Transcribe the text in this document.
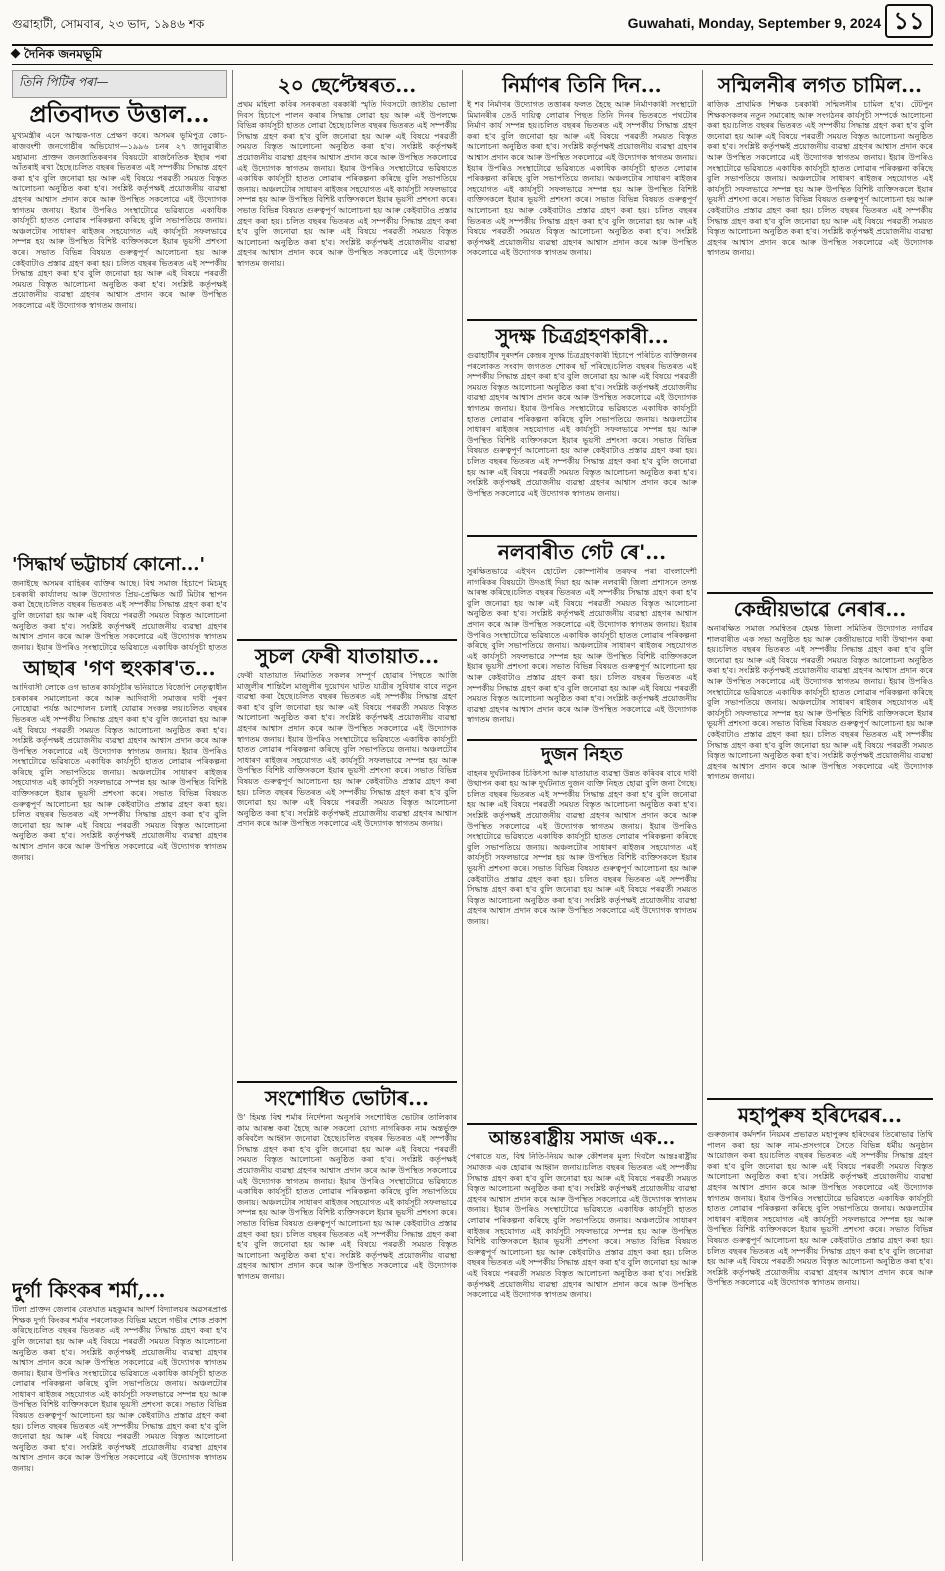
গুৱাহাটী, সোমবাৰ, ২৩ ভাদ, ১৯৪৬ শক	Guwahati, Monday, September 9, 2024 ১১
দৈনিক জনমভূমি
তিনি পিটিৰ পৰা—
প্ৰতিবাদত উত্তাল...
মুখ্যমন্ত্ৰীৰ এনে আত্মক-গত প্ৰেক্ষণ কৰে। অসমৰ ভূমিপুত্ৰ কোচ-ৰাজবংশী জনগোষ্ঠীৰ অভিযোগ—১৯৯৬ চনৰ ২৭ জানুৱাৰীত মহামান্য প্ৰাক্তন জনজাতিকৰণৰ বিষয়টো ৰাজনৈতিক ইছাৰ পৰা আঁতৰাই ৰখা হৈছে। চলিত বছৰৰ ভিতৰত এই সম্পৰ্কীয় সিদ্ধান্ত গ্ৰহণ কৰা হ'ব বুলি জনোৱা হয় আৰু এই বিষয়ে পৰৱৰ্তী সময়ত বিস্তৃত আলোচনা অনুষ্ঠিত কৰা হ'ব। সংশ্লিষ্ট কৰ্তৃপক্ষই প্ৰয়োজনীয় ব্যৱস্থা গ্ৰহণৰ আশ্বাস প্ৰদান কৰে আৰু উপস্থিত সকলোৱে এই উদ্যোগক স্বাগতম জনায়। ইয়াৰ উপৰিও সংস্থাটোৱে ভৱিষ্যতে একাধিক কাৰ্যসূচী হাতত লোৱাৰ পৰিকল্পনা কৰিছে বুলি সভাপতিয়ে জনায়। অঞ্চলটোৰ সাধাৰণ ৰাইজৰ সহযোগত এই কাৰ্যসূচী সফলভাৱে সম্পন্ন হয় আৰু উপস্থিত বিশিষ্ট ব্যক্তিসকলে ইয়াৰ ভূয়সী প্ৰশংসা কৰে। সভাত বিভিন্ন বিষয়ত গুৰুত্বপূৰ্ণ আলোচনা হয় আৰু কেইবাটাও প্ৰস্তাৱ গ্ৰহণ কৰা হয়। চলিত বছৰৰ ভিতৰত এই সম্পৰ্কীয় সিদ্ধান্ত গ্ৰহণ কৰা হ'ব বুলি জনোৱা হয় আৰু এই বিষয়ে পৰৱৰ্তী সময়ত বিস্তৃত আলোচনা অনুষ্ঠিত কৰা হ'ব। সংশ্লিষ্ট কৰ্তৃপক্ষই প্ৰয়োজনীয় ব্যৱস্থা গ্ৰহণৰ আশ্বাস প্ৰদান কৰে আৰু উপস্থিত সকলোৱে এই উদ্যোগক স্বাগতম জনায়।
'সিদ্ধাৰ্থ ভট্টাচাৰ্য কোনো...'
জনাইছে অসমৰ বাহিৰৰ ব্যক্তিৰ আছে। বিশ্ব সমাজ হিচাপে মিচমূহ চৰকাৰী কাৰ্য্যালয় আৰু উদ্যোগত প্ৰিয়-প্ৰেক্ষিত আৰ্ট মিটাৰ স্থাপন কৰা হৈছে। চলিত বছৰৰ ভিতৰত এই সম্পৰ্কীয় সিদ্ধান্ত গ্ৰহণ কৰা হ'ব বুলি জনোৱা হয় আৰু এই বিষয়ে পৰৱৰ্তী সময়ত বিস্তৃত আলোচনা অনুষ্ঠিত কৰা হ'ব। সংশ্লিষ্ট কৰ্তৃপক্ষই প্ৰয়োজনীয় ব্যৱস্থা গ্ৰহণৰ আশ্বাস প্ৰদান কৰে আৰু উপস্থিত সকলোৱে এই উদ্যোগক স্বাগতম জনায়। ইয়াৰ উপৰিও সংস্থাটোৱে ভৱিষ্যতে একাধিক কাৰ্যসূচী হাতত লোৱাৰ পৰিকল্পনা কৰিছে বুলি সভাপতিয়ে জনায়। অঞ্চলটোৰ সাধাৰণ ৰাইজৰ সহযোগত এই কাৰ্যসূচী সফলভাৱে সম্পন্ন হয় আৰু উপস্থিত বিশিষ্ট ব্যক্তিসকলে ইয়াৰ ভূয়সী প্ৰশংসা কৰে। সভাত বিভিন্ন বিষয়ত গুৰুত্বপূৰ্ণ আলোচনা হয় আৰু কেইবাটাও প্ৰস্তাৱ গ্ৰহণ কৰা হয়। চলিত বছৰৰ ভিতৰত এই সম্পৰ্কীয় সিদ্ধান্ত গ্ৰহণ কৰা হ'ব বুলি জনোৱা হয় আৰু এই বিষয়ে পৰৱৰ্তী সময়ত বিস্তৃত আলোচনা অনুষ্ঠিত কৰা হ'ব। সংশ্লিষ্ট কৰ্তৃপক্ষই প্ৰয়োজনীয় ব্যৱস্থা গ্ৰহণৰ আশ্বাস প্ৰদান কৰে আৰু উপস্থিত সকলোৱে এই উদ্যোগক স্বাগতম জনায়।
আছাৰ 'গণ হুংকাৰ'ত...
আদিবাসী লোকে ওগ ভাতৰ কাৰ্যসূচীৰ ভনিয়াতে বিজেপি নেতৃত্বাধীন চৰকাৰৰ সমালোচনা কৰে আৰু আদিবাসী সমাজৰ দাবী পূৰণ নোহোৱা পৰ্যন্ত আন্দোলন চলাই যোৱাৰ সংকল্প লয়। চলিত বছৰৰ ভিতৰত এই সম্পৰ্কীয় সিদ্ধান্ত গ্ৰহণ কৰা হ'ব বুলি জনোৱা হয় আৰু এই বিষয়ে পৰৱৰ্তী সময়ত বিস্তৃত আলোচনা অনুষ্ঠিত কৰা হ'ব। সংশ্লিষ্ট কৰ্তৃপক্ষই প্ৰয়োজনীয় ব্যৱস্থা গ্ৰহণৰ আশ্বাস প্ৰদান কৰে আৰু উপস্থিত সকলোৱে এই উদ্যোগক স্বাগতম জনায়। ইয়াৰ উপৰিও সংস্থাটোৱে ভৱিষ্যতে একাধিক কাৰ্যসূচী হাতত লোৱাৰ পৰিকল্পনা কৰিছে বুলি সভাপতিয়ে জনায়। অঞ্চলটোৰ সাধাৰণ ৰাইজৰ সহযোগত এই কাৰ্যসূচী সফলভাৱে সম্পন্ন হয় আৰু উপস্থিত বিশিষ্ট ব্যক্তিসকলে ইয়াৰ ভূয়সী প্ৰশংসা কৰে। সভাত বিভিন্ন বিষয়ত গুৰুত্বপূৰ্ণ আলোচনা হয় আৰু কেইবাটাও প্ৰস্তাৱ গ্ৰহণ কৰা হয়। চলিত বছৰৰ ভিতৰত এই সম্পৰ্কীয় সিদ্ধান্ত গ্ৰহণ কৰা হ'ব বুলি জনোৱা হয় আৰু এই বিষয়ে পৰৱৰ্তী সময়ত বিস্তৃত আলোচনা অনুষ্ঠিত কৰা হ'ব। সংশ্লিষ্ট কৰ্তৃপক্ষই প্ৰয়োজনীয় ব্যৱস্থা গ্ৰহণৰ আশ্বাস প্ৰদান কৰে আৰু উপস্থিত সকলোৱে এই উদ্যোগক স্বাগতম জনায়।
দুৰ্গা কিংকৰ শৰ্মা,...
টিলা প্ৰাক্তন জেলাৰ বেতঘাত মহকুমাৰ আদৰ্শ বিদ্যালয়ৰ অৱসৰপ্ৰাপ্ত শিক্ষক দুৰ্গা কিংকৰ শৰ্মাৰ পৰলোকত বিভিন্ন মহলে গভীৰ শোক প্ৰকাশ কৰিছে। চলিত বছৰৰ ভিতৰত এই সম্পৰ্কীয় সিদ্ধান্ত গ্ৰহণ কৰা হ'ব বুলি জনোৱা হয় আৰু এই বিষয়ে পৰৱৰ্তী সময়ত বিস্তৃত আলোচনা অনুষ্ঠিত কৰা হ'ব। সংশ্লিষ্ট কৰ্তৃপক্ষই প্ৰয়োজনীয় ব্যৱস্থা গ্ৰহণৰ আশ্বাস প্ৰদান কৰে আৰু উপস্থিত সকলোৱে এই উদ্যোগক স্বাগতম জনায়। ইয়াৰ উপৰিও সংস্থাটোৱে ভৱিষ্যতে একাধিক কাৰ্যসূচী হাতত লোৱাৰ পৰিকল্পনা কৰিছে বুলি সভাপতিয়ে জনায়। অঞ্চলটোৰ সাধাৰণ ৰাইজৰ সহযোগত এই কাৰ্যসূচী সফলভাৱে সম্পন্ন হয় আৰু উপস্থিত বিশিষ্ট ব্যক্তিসকলে ইয়াৰ ভূয়সী প্ৰশংসা কৰে। সভাত বিভিন্ন বিষয়ত গুৰুত্বপূৰ্ণ আলোচনা হয় আৰু কেইবাটাও প্ৰস্তাৱ গ্ৰহণ কৰা হয়। চলিত বছৰৰ ভিতৰত এই সম্পৰ্কীয় সিদ্ধান্ত গ্ৰহণ কৰা হ'ব বুলি জনোৱা হয় আৰু এই বিষয়ে পৰৱৰ্তী সময়ত বিস্তৃত আলোচনা অনুষ্ঠিত কৰা হ'ব। সংশ্লিষ্ট কৰ্তৃপক্ষই প্ৰয়োজনীয় ব্যৱস্থা গ্ৰহণৰ আশ্বাস প্ৰদান কৰে আৰু উপস্থিত সকলোৱে এই উদ্যোগক স্বাগতম জনায়।
২০ ছেপ্টেম্বৰত...
প্ৰথম মহিলা কবিৰ সনকৰতা বৰকাৰী স্মৃতি দিবসটো জাতীয় ভোলা দিবস হিচাপে পালন কৰাৰ সিদ্ধান্ত লোৱা হয় আৰু এই উপলক্ষে বিভিন্ন কাৰ্যসূচী হাতত লোৱা হৈছে। চলিত বছৰৰ ভিতৰত এই সম্পৰ্কীয় সিদ্ধান্ত গ্ৰহণ কৰা হ'ব বুলি জনোৱা হয় আৰু এই বিষয়ে পৰৱৰ্তী সময়ত বিস্তৃত আলোচনা অনুষ্ঠিত কৰা হ'ব। সংশ্লিষ্ট কৰ্তৃপক্ষই প্ৰয়োজনীয় ব্যৱস্থা গ্ৰহণৰ আশ্বাস প্ৰদান কৰে আৰু উপস্থিত সকলোৱে এই উদ্যোগক স্বাগতম জনায়। ইয়াৰ উপৰিও সংস্থাটোৱে ভৱিষ্যতে একাধিক কাৰ্যসূচী হাতত লোৱাৰ পৰিকল্পনা কৰিছে বুলি সভাপতিয়ে জনায়। অঞ্চলটোৰ সাধাৰণ ৰাইজৰ সহযোগত এই কাৰ্যসূচী সফলভাৱে সম্পন্ন হয় আৰু উপস্থিত বিশিষ্ট ব্যক্তিসকলে ইয়াৰ ভূয়সী প্ৰশংসা কৰে। সভাত বিভিন্ন বিষয়ত গুৰুত্বপূৰ্ণ আলোচনা হয় আৰু কেইবাটাও প্ৰস্তাৱ গ্ৰহণ কৰা হয়। চলিত বছৰৰ ভিতৰত এই সম্পৰ্কীয় সিদ্ধান্ত গ্ৰহণ কৰা হ'ব বুলি জনোৱা হয় আৰু এই বিষয়ে পৰৱৰ্তী সময়ত বিস্তৃত আলোচনা অনুষ্ঠিত কৰা হ'ব। সংশ্লিষ্ট কৰ্তৃপক্ষই প্ৰয়োজনীয় ব্যৱস্থা গ্ৰহণৰ আশ্বাস প্ৰদান কৰে আৰু উপস্থিত সকলোৱে এই উদ্যোগক স্বাগতম জনায়।
সুচল ফেৰী যাতায়াত...
ফেৰী যাতায়াত নিমাতিত সকলৰ সম্পূৰ্ণ হোৱাৰ পিছতে আজি মাজুলীৰ শান্তিলৈ মাজুলীৰ দুয়োখন ঘাটত যাত্ৰীৰ সুবিধাৰ বাবে নতুন ব্যৱস্থা কৰা হৈছে। চলিত বছৰৰ ভিতৰত এই সম্পৰ্কীয় সিদ্ধান্ত গ্ৰহণ কৰা হ'ব বুলি জনোৱা হয় আৰু এই বিষয়ে পৰৱৰ্তী সময়ত বিস্তৃত আলোচনা অনুষ্ঠিত কৰা হ'ব। সংশ্লিষ্ট কৰ্তৃপক্ষই প্ৰয়োজনীয় ব্যৱস্থা গ্ৰহণৰ আশ্বাস প্ৰদান কৰে আৰু উপস্থিত সকলোৱে এই উদ্যোগক স্বাগতম জনায়। ইয়াৰ উপৰিও সংস্থাটোৱে ভৱিষ্যতে একাধিক কাৰ্যসূচী হাতত লোৱাৰ পৰিকল্পনা কৰিছে বুলি সভাপতিয়ে জনায়। অঞ্চলটোৰ সাধাৰণ ৰাইজৰ সহযোগত এই কাৰ্যসূচী সফলভাৱে সম্পন্ন হয় আৰু উপস্থিত বিশিষ্ট ব্যক্তিসকলে ইয়াৰ ভূয়সী প্ৰশংসা কৰে। সভাত বিভিন্ন বিষয়ত গুৰুত্বপূৰ্ণ আলোচনা হয় আৰু কেইবাটাও প্ৰস্তাৱ গ্ৰহণ কৰা হয়। চলিত বছৰৰ ভিতৰত এই সম্পৰ্কীয় সিদ্ধান্ত গ্ৰহণ কৰা হ'ব বুলি জনোৱা হয় আৰু এই বিষয়ে পৰৱৰ্তী সময়ত বিস্তৃত আলোচনা অনুষ্ঠিত কৰা হ'ব। সংশ্লিষ্ট কৰ্তৃপক্ষই প্ৰয়োজনীয় ব্যৱস্থা গ্ৰহণৰ আশ্বাস প্ৰদান কৰে আৰু উপস্থিত সকলোৱে এই উদ্যোগক স্বাগতম জনায়।
সংশোধিত ভোটাৰ...
উ' হিমন্ত বিশ্ব শৰ্মাৰ নিৰ্দেশনা অনুসৰি সংশোধিত ভোটাৰ তালিকাৰ কাম আৰম্ভ কৰা হৈছে আৰু সকলো যোগ্য নাগৰিকক নাম অন্তৰ্ভুক্ত কৰিবলৈ আহ্বান জনোৱা হৈছে। চলিত বছৰৰ ভিতৰত এই সম্পৰ্কীয় সিদ্ধান্ত গ্ৰহণ কৰা হ'ব বুলি জনোৱা হয় আৰু এই বিষয়ে পৰৱৰ্তী সময়ত বিস্তৃত আলোচনা অনুষ্ঠিত কৰা হ'ব। সংশ্লিষ্ট কৰ্তৃপক্ষই প্ৰয়োজনীয় ব্যৱস্থা গ্ৰহণৰ আশ্বাস প্ৰদান কৰে আৰু উপস্থিত সকলোৱে এই উদ্যোগক স্বাগতম জনায়। ইয়াৰ উপৰিও সংস্থাটোৱে ভৱিষ্যতে একাধিক কাৰ্যসূচী হাতত লোৱাৰ পৰিকল্পনা কৰিছে বুলি সভাপতিয়ে জনায়। অঞ্চলটোৰ সাধাৰণ ৰাইজৰ সহযোগত এই কাৰ্যসূচী সফলভাৱে সম্পন্ন হয় আৰু উপস্থিত বিশিষ্ট ব্যক্তিসকলে ইয়াৰ ভূয়সী প্ৰশংসা কৰে। সভাত বিভিন্ন বিষয়ত গুৰুত্বপূৰ্ণ আলোচনা হয় আৰু কেইবাটাও প্ৰস্তাৱ গ্ৰহণ কৰা হয়। চলিত বছৰৰ ভিতৰত এই সম্পৰ্কীয় সিদ্ধান্ত গ্ৰহণ কৰা হ'ব বুলি জনোৱা হয় আৰু এই বিষয়ে পৰৱৰ্তী সময়ত বিস্তৃত আলোচনা অনুষ্ঠিত কৰা হ'ব। সংশ্লিষ্ট কৰ্তৃপক্ষই প্ৰয়োজনীয় ব্যৱস্থা গ্ৰহণৰ আশ্বাস প্ৰদান কৰে আৰু উপস্থিত সকলোৱে এই উদ্যোগক স্বাগতম জনায়।
নিৰ্মাণৰ তিনি দিন...
ই শব নিৰ্মাণৰ উদ্যোগত তত্তাৰৰ ফলত হৈছে আৰু নিৰ্মাণকাৰী সংস্থাটো মিমানৰীৰ তেওঁ দায়িত্ব লোৱাৰ পিছত তিনি দিনৰ ভিতৰতে পথটোৰ নিৰ্মাণ কাৰ্য সম্পন্ন হয়। চলিত বছৰৰ ভিতৰত এই সম্পৰ্কীয় সিদ্ধান্ত গ্ৰহণ কৰা হ'ব বুলি জনোৱা হয় আৰু এই বিষয়ে পৰৱৰ্তী সময়ত বিস্তৃত আলোচনা অনুষ্ঠিত কৰা হ'ব। সংশ্লিষ্ট কৰ্তৃপক্ষই প্ৰয়োজনীয় ব্যৱস্থা গ্ৰহণৰ আশ্বাস প্ৰদান কৰে আৰু উপস্থিত সকলোৱে এই উদ্যোগক স্বাগতম জনায়। ইয়াৰ উপৰিও সংস্থাটোৱে ভৱিষ্যতে একাধিক কাৰ্যসূচী হাতত লোৱাৰ পৰিকল্পনা কৰিছে বুলি সভাপতিয়ে জনায়। অঞ্চলটোৰ সাধাৰণ ৰাইজৰ সহযোগত এই কাৰ্যসূচী সফলভাৱে সম্পন্ন হয় আৰু উপস্থিত বিশিষ্ট ব্যক্তিসকলে ইয়াৰ ভূয়সী প্ৰশংসা কৰে। সভাত বিভিন্ন বিষয়ত গুৰুত্বপূৰ্ণ আলোচনা হয় আৰু কেইবাটাও প্ৰস্তাৱ গ্ৰহণ কৰা হয়। চলিত বছৰৰ ভিতৰত এই সম্পৰ্কীয় সিদ্ধান্ত গ্ৰহণ কৰা হ'ব বুলি জনোৱা হয় আৰু এই বিষয়ে পৰৱৰ্তী সময়ত বিস্তৃত আলোচনা অনুষ্ঠিত কৰা হ'ব। সংশ্লিষ্ট কৰ্তৃপক্ষই প্ৰয়োজনীয় ব্যৱস্থা গ্ৰহণৰ আশ্বাস প্ৰদান কৰে আৰু উপস্থিত সকলোৱে এই উদ্যোগক স্বাগতম জনায়।
সুদক্ষ চিত্ৰগ্ৰহণকাৰী...
গুৱাহাটীৰ দূৰদৰ্শন কেন্দ্ৰৰ সুদক্ষ চিত্ৰগ্ৰহণকাৰী হিচাপে পৰিচিত ব্যক্তিজনৰ পৰলোকত সংবাদ জগতত শোকৰ ছাঁ পৰিছে। চলিত বছৰৰ ভিতৰত এই সম্পৰ্কীয় সিদ্ধান্ত গ্ৰহণ কৰা হ'ব বুলি জনোৱা হয় আৰু এই বিষয়ে পৰৱৰ্তী সময়ত বিস্তৃত আলোচনা অনুষ্ঠিত কৰা হ'ব। সংশ্লিষ্ট কৰ্তৃপক্ষই প্ৰয়োজনীয় ব্যৱস্থা গ্ৰহণৰ আশ্বাস প্ৰদান কৰে আৰু উপস্থিত সকলোৱে এই উদ্যোগক স্বাগতম জনায়। ইয়াৰ উপৰিও সংস্থাটোৱে ভৱিষ্যতে একাধিক কাৰ্যসূচী হাতত লোৱাৰ পৰিকল্পনা কৰিছে বুলি সভাপতিয়ে জনায়। অঞ্চলটোৰ সাধাৰণ ৰাইজৰ সহযোগত এই কাৰ্যসূচী সফলভাৱে সম্পন্ন হয় আৰু উপস্থিত বিশিষ্ট ব্যক্তিসকলে ইয়াৰ ভূয়সী প্ৰশংসা কৰে। সভাত বিভিন্ন বিষয়ত গুৰুত্বপূৰ্ণ আলোচনা হয় আৰু কেইবাটাও প্ৰস্তাৱ গ্ৰহণ কৰা হয়। চলিত বছৰৰ ভিতৰত এই সম্পৰ্কীয় সিদ্ধান্ত গ্ৰহণ কৰা হ'ব বুলি জনোৱা হয় আৰু এই বিষয়ে পৰৱৰ্তী সময়ত বিস্তৃত আলোচনা অনুষ্ঠিত কৰা হ'ব। সংশ্লিষ্ট কৰ্তৃপক্ষই প্ৰয়োজনীয় ব্যৱস্থা গ্ৰহণৰ আশ্বাস প্ৰদান কৰে আৰু উপস্থিত সকলোৱে এই উদ্যোগক স্বাগতম জনায়।
নলবাৰীত গেট ৰে'...
সুৰক্ষিতভাৱে এইখন হোটেল কোম্পানীৰ তৰফৰ পৰা বাংলাদেশী নাগৰিকৰ বিষয়টো উদঙাই দিয়া হয় আৰু নলবাৰী জিলা প্ৰশাসনে তদন্ত আৰম্ভ কৰিছে। চলিত বছৰৰ ভিতৰত এই সম্পৰ্কীয় সিদ্ধান্ত গ্ৰহণ কৰা হ'ব বুলি জনোৱা হয় আৰু এই বিষয়ে পৰৱৰ্তী সময়ত বিস্তৃত আলোচনা অনুষ্ঠিত কৰা হ'ব। সংশ্লিষ্ট কৰ্তৃপক্ষই প্ৰয়োজনীয় ব্যৱস্থা গ্ৰহণৰ আশ্বাস প্ৰদান কৰে আৰু উপস্থিত সকলোৱে এই উদ্যোগক স্বাগতম জনায়। ইয়াৰ উপৰিও সংস্থাটোৱে ভৱিষ্যতে একাধিক কাৰ্যসূচী হাতত লোৱাৰ পৰিকল্পনা কৰিছে বুলি সভাপতিয়ে জনায়। অঞ্চলটোৰ সাধাৰণ ৰাইজৰ সহযোগত এই কাৰ্যসূচী সফলভাৱে সম্পন্ন হয় আৰু উপস্থিত বিশিষ্ট ব্যক্তিসকলে ইয়াৰ ভূয়সী প্ৰশংসা কৰে। সভাত বিভিন্ন বিষয়ত গুৰুত্বপূৰ্ণ আলোচনা হয় আৰু কেইবাটাও প্ৰস্তাৱ গ্ৰহণ কৰা হয়। চলিত বছৰৰ ভিতৰত এই সম্পৰ্কীয় সিদ্ধান্ত গ্ৰহণ কৰা হ'ব বুলি জনোৱা হয় আৰু এই বিষয়ে পৰৱৰ্তী সময়ত বিস্তৃত আলোচনা অনুষ্ঠিত কৰা হ'ব। সংশ্লিষ্ট কৰ্তৃপক্ষই প্ৰয়োজনীয় ব্যৱস্থা গ্ৰহণৰ আশ্বাস প্ৰদান কৰে আৰু উপস্থিত সকলোৱে এই উদ্যোগক স্বাগতম জনায়।
দুজন নিহত
বাহনৰ দুৰ্ঘটনাকৰ চিকিৎসা আৰু যাতায়াত ব্যৱস্থা উন্নত কৰিবৰ বাবে দাবী উত্থাপন কৰা হয় আৰু দুৰ্ঘটনাত দুজন ব্যক্তি নিহত হোৱা বুলি জনা গৈছে। চলিত বছৰৰ ভিতৰত এই সম্পৰ্কীয় সিদ্ধান্ত গ্ৰহণ কৰা হ'ব বুলি জনোৱা হয় আৰু এই বিষয়ে পৰৱৰ্তী সময়ত বিস্তৃত আলোচনা অনুষ্ঠিত কৰা হ'ব। সংশ্লিষ্ট কৰ্তৃপক্ষই প্ৰয়োজনীয় ব্যৱস্থা গ্ৰহণৰ আশ্বাস প্ৰদান কৰে আৰু উপস্থিত সকলোৱে এই উদ্যোগক স্বাগতম জনায়। ইয়াৰ উপৰিও সংস্থাটোৱে ভৱিষ্যতে একাধিক কাৰ্যসূচী হাতত লোৱাৰ পৰিকল্পনা কৰিছে বুলি সভাপতিয়ে জনায়। অঞ্চলটোৰ সাধাৰণ ৰাইজৰ সহযোগত এই কাৰ্যসূচী সফলভাৱে সম্পন্ন হয় আৰু উপস্থিত বিশিষ্ট ব্যক্তিসকলে ইয়াৰ ভূয়সী প্ৰশংসা কৰে। সভাত বিভিন্ন বিষয়ত গুৰুত্বপূৰ্ণ আলোচনা হয় আৰু কেইবাটাও প্ৰস্তাৱ গ্ৰহণ কৰা হয়। চলিত বছৰৰ ভিতৰত এই সম্পৰ্কীয় সিদ্ধান্ত গ্ৰহণ কৰা হ'ব বুলি জনোৱা হয় আৰু এই বিষয়ে পৰৱৰ্তী সময়ত বিস্তৃত আলোচনা অনুষ্ঠিত কৰা হ'ব। সংশ্লিষ্ট কৰ্তৃপক্ষই প্ৰয়োজনীয় ব্যৱস্থা গ্ৰহণৰ আশ্বাস প্ৰদান কৰে আৰু উপস্থিত সকলোৱে এই উদ্যোগক স্বাগতম জনায়।
আন্তঃৰাষ্ট্ৰীয় সমাজ এক...
পেৰাতে যত, বিশ্ব নিতি-নিয়ম আৰু কৌশলৰ মূল্য দিবলৈ আন্তঃৰাষ্ট্ৰীয় সমাজক এক হোৱাৰ আহ্বান জনায়। চলিত বছৰৰ ভিতৰত এই সম্পৰ্কীয় সিদ্ধান্ত গ্ৰহণ কৰা হ'ব বুলি জনোৱা হয় আৰু এই বিষয়ে পৰৱৰ্তী সময়ত বিস্তৃত আলোচনা অনুষ্ঠিত কৰা হ'ব। সংশ্লিষ্ট কৰ্তৃপক্ষই প্ৰয়োজনীয় ব্যৱস্থা গ্ৰহণৰ আশ্বাস প্ৰদান কৰে আৰু উপস্থিত সকলোৱে এই উদ্যোগক স্বাগতম জনায়। ইয়াৰ উপৰিও সংস্থাটোৱে ভৱিষ্যতে একাধিক কাৰ্যসূচী হাতত লোৱাৰ পৰিকল্পনা কৰিছে বুলি সভাপতিয়ে জনায়। অঞ্চলটোৰ সাধাৰণ ৰাইজৰ সহযোগত এই কাৰ্যসূচী সফলভাৱে সম্পন্ন হয় আৰু উপস্থিত বিশিষ্ট ব্যক্তিসকলে ইয়াৰ ভূয়সী প্ৰশংসা কৰে। সভাত বিভিন্ন বিষয়ত গুৰুত্বপূৰ্ণ আলোচনা হয় আৰু কেইবাটাও প্ৰস্তাৱ গ্ৰহণ কৰা হয়। চলিত বছৰৰ ভিতৰত এই সম্পৰ্কীয় সিদ্ধান্ত গ্ৰহণ কৰা হ'ব বুলি জনোৱা হয় আৰু এই বিষয়ে পৰৱৰ্তী সময়ত বিস্তৃত আলোচনা অনুষ্ঠিত কৰা হ'ব। সংশ্লিষ্ট কৰ্তৃপক্ষই প্ৰয়োজনীয় ব্যৱস্থা গ্ৰহণৰ আশ্বাস প্ৰদান কৰে আৰু উপস্থিত সকলোৱে এই উদ্যোগক স্বাগতম জনায়।
সন্মিলনীৰ লগত চামিল...
ৰাজিক প্ৰাথমিক শিক্ষক চৰকাৰী সন্মিলনীৰ চামিল হ'ব। টেটপুন শিক্ষকসকলৰ নতুন সমাৰোহ আৰু সংগঠনৰ কাৰ্যসূচী সম্পৰ্কে আলোচনা কৰা হয়। চলিত বছৰৰ ভিতৰত এই সম্পৰ্কীয় সিদ্ধান্ত গ্ৰহণ কৰা হ'ব বুলি জনোৱা হয় আৰু এই বিষয়ে পৰৱৰ্তী সময়ত বিস্তৃত আলোচনা অনুষ্ঠিত কৰা হ'ব। সংশ্লিষ্ট কৰ্তৃপক্ষই প্ৰয়োজনীয় ব্যৱস্থা গ্ৰহণৰ আশ্বাস প্ৰদান কৰে আৰু উপস্থিত সকলোৱে এই উদ্যোগক স্বাগতম জনায়। ইয়াৰ উপৰিও সংস্থাটোৱে ভৱিষ্যতে একাধিক কাৰ্যসূচী হাতত লোৱাৰ পৰিকল্পনা কৰিছে বুলি সভাপতিয়ে জনায়। অঞ্চলটোৰ সাধাৰণ ৰাইজৰ সহযোগত এই কাৰ্যসূচী সফলভাৱে সম্পন্ন হয় আৰু উপস্থিত বিশিষ্ট ব্যক্তিসকলে ইয়াৰ ভূয়সী প্ৰশংসা কৰে। সভাত বিভিন্ন বিষয়ত গুৰুত্বপূৰ্ণ আলোচনা হয় আৰু কেইবাটাও প্ৰস্তাৱ গ্ৰহণ কৰা হয়। চলিত বছৰৰ ভিতৰত এই সম্পৰ্কীয় সিদ্ধান্ত গ্ৰহণ কৰা হ'ব বুলি জনোৱা হয় আৰু এই বিষয়ে পৰৱৰ্তী সময়ত বিস্তৃত আলোচনা অনুষ্ঠিত কৰা হ'ব। সংশ্লিষ্ট কৰ্তৃপক্ষই প্ৰয়োজনীয় ব্যৱস্থা গ্ৰহণৰ আশ্বাস প্ৰদান কৰে আৰু উপস্থিত সকলোৱে এই উদ্যোগক স্বাগতম জনায়।
কেন্দ্ৰীয়ভাৱে নেৰাৰ...
অনাৰক্ষিত সমাজ সমন্বিতৰ হেমন্ত জিলা সমিতিৰ উদ্যোগত নগাঁৱৰ শালবাৰীত এক সভা অনুষ্ঠিত হয় আৰু কেন্দ্ৰীয়ভাৱে দাবী উত্থাপন কৰা হয়। চলিত বছৰৰ ভিতৰত এই সম্পৰ্কীয় সিদ্ধান্ত গ্ৰহণ কৰা হ'ব বুলি জনোৱা হয় আৰু এই বিষয়ে পৰৱৰ্তী সময়ত বিস্তৃত আলোচনা অনুষ্ঠিত কৰা হ'ব। সংশ্লিষ্ট কৰ্তৃপক্ষই প্ৰয়োজনীয় ব্যৱস্থা গ্ৰহণৰ আশ্বাস প্ৰদান কৰে আৰু উপস্থিত সকলোৱে এই উদ্যোগক স্বাগতম জনায়। ইয়াৰ উপৰিও সংস্থাটোৱে ভৱিষ্যতে একাধিক কাৰ্যসূচী হাতত লোৱাৰ পৰিকল্পনা কৰিছে বুলি সভাপতিয়ে জনায়। অঞ্চলটোৰ সাধাৰণ ৰাইজৰ সহযোগত এই কাৰ্যসূচী সফলভাৱে সম্পন্ন হয় আৰু উপস্থিত বিশিষ্ট ব্যক্তিসকলে ইয়াৰ ভূয়সী প্ৰশংসা কৰে। সভাত বিভিন্ন বিষয়ত গুৰুত্বপূৰ্ণ আলোচনা হয় আৰু কেইবাটাও প্ৰস্তাৱ গ্ৰহণ কৰা হয়। চলিত বছৰৰ ভিতৰত এই সম্পৰ্কীয় সিদ্ধান্ত গ্ৰহণ কৰা হ'ব বুলি জনোৱা হয় আৰু এই বিষয়ে পৰৱৰ্তী সময়ত বিস্তৃত আলোচনা অনুষ্ঠিত কৰা হ'ব। সংশ্লিষ্ট কৰ্তৃপক্ষই প্ৰয়োজনীয় ব্যৱস্থা গ্ৰহণৰ আশ্বাস প্ৰদান কৰে আৰু উপস্থিত সকলোৱে এই উদ্যোগক স্বাগতম জনায়।
মহাপুৰুষ হৰিদেৱৰ...
গুৰুজনাৰ কৰ্মদৰ্শন নিয়মৰ প্ৰভাৱত মহাপুৰুষ হৰিদেৱৰ তিৰোভাৱ তিথি পালন কৰা হয় আৰু নাম-প্ৰসংগৰে সৈতে বিভিন্ন ধৰ্মীয় অনুষ্ঠান আয়োজন কৰা হয়। চলিত বছৰৰ ভিতৰত এই সম্পৰ্কীয় সিদ্ধান্ত গ্ৰহণ কৰা হ'ব বুলি জনোৱা হয় আৰু এই বিষয়ে পৰৱৰ্তী সময়ত বিস্তৃত আলোচনা অনুষ্ঠিত কৰা হ'ব। সংশ্লিষ্ট কৰ্তৃপক্ষই প্ৰয়োজনীয় ব্যৱস্থা গ্ৰহণৰ আশ্বাস প্ৰদান কৰে আৰু উপস্থিত সকলোৱে এই উদ্যোগক স্বাগতম জনায়। ইয়াৰ উপৰিও সংস্থাটোৱে ভৱিষ্যতে একাধিক কাৰ্যসূচী হাতত লোৱাৰ পৰিকল্পনা কৰিছে বুলি সভাপতিয়ে জনায়। অঞ্চলটোৰ সাধাৰণ ৰাইজৰ সহযোগত এই কাৰ্যসূচী সফলভাৱে সম্পন্ন হয় আৰু উপস্থিত বিশিষ্ট ব্যক্তিসকলে ইয়াৰ ভূয়সী প্ৰশংসা কৰে। সভাত বিভিন্ন বিষয়ত গুৰুত্বপূৰ্ণ আলোচনা হয় আৰু কেইবাটাও প্ৰস্তাৱ গ্ৰহণ কৰা হয়। চলিত বছৰৰ ভিতৰত এই সম্পৰ্কীয় সিদ্ধান্ত গ্ৰহণ কৰা হ'ব বুলি জনোৱা হয় আৰু এই বিষয়ে পৰৱৰ্তী সময়ত বিস্তৃত আলোচনা অনুষ্ঠিত কৰা হ'ব। সংশ্লিষ্ট কৰ্তৃপক্ষই প্ৰয়োজনীয় ব্যৱস্থা গ্ৰহণৰ আশ্বাস প্ৰদান কৰে আৰু উপস্থিত সকলোৱে এই উদ্যোগক স্বাগতম জনায়।
